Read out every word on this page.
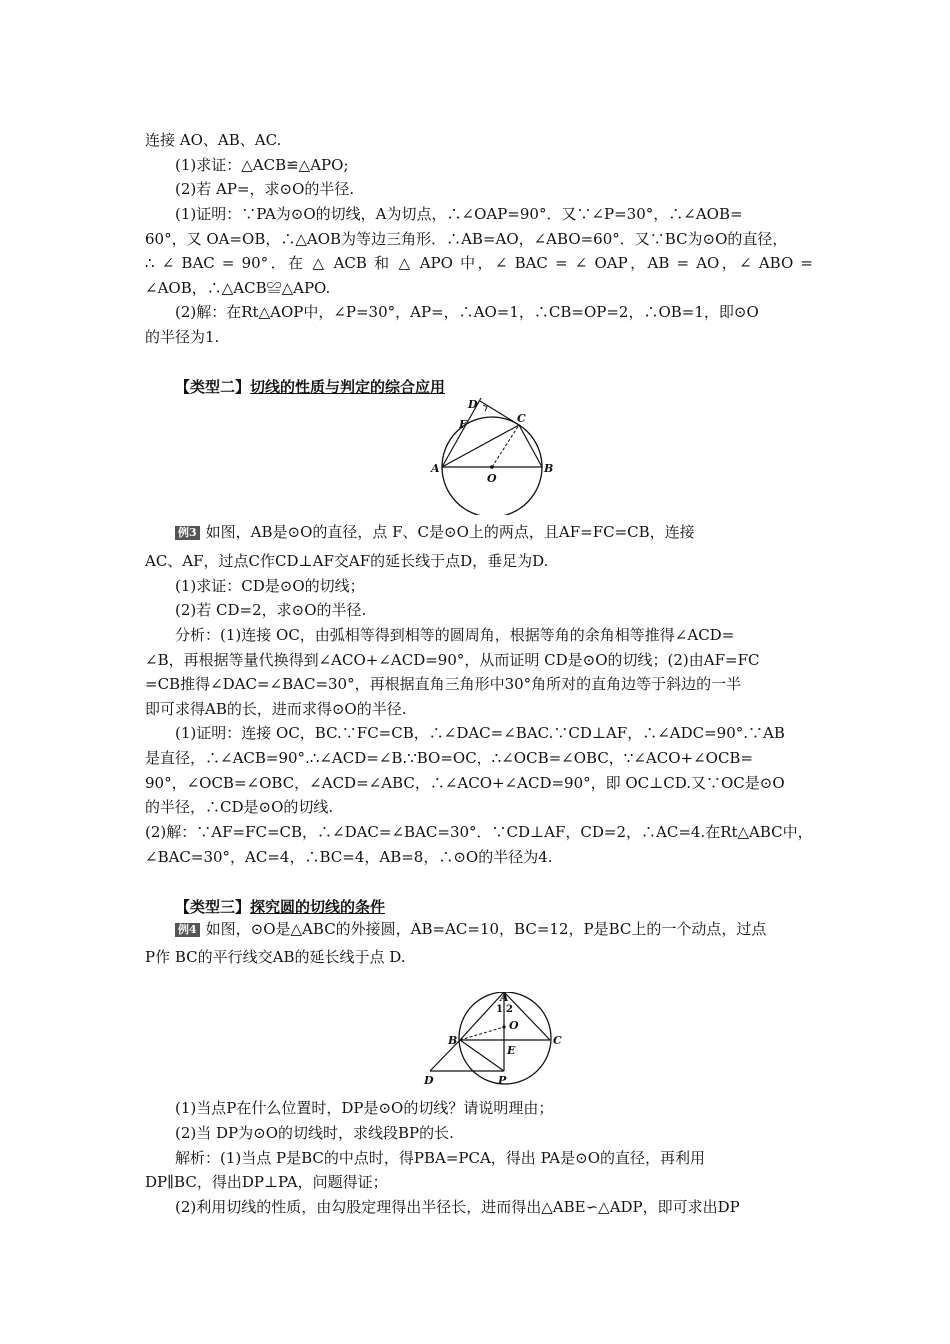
连接 AO、AB、AC.
(1)求证：△ACB≌△APO;
(2)若 AP=，求⊙O的半径.
(1)证明：∵PA为⊙O的切线，A为切点，∴∠OAP=90°．又∵∠P=30°，∴∠AOB=
60°，又 OA=OB，∴△AOB为等边三角形．∴AB=AO，∠ABO=60°．又∵BC为⊙O的直径，
∴ ∠ BAC = 90°．在 △ ACB 和 △ APO 中，∠ BAC = ∠ OAP，AB = AO，∠ ABO =
∠AOB，∴△ACB≌△APO.
(2)解：在Rt△AOP中，∠P=30°，AP=，∴AO=1，∴CB=OP=2，∴OB=1，即⊙O
的半径为1.
【类型二】切线的性质与判定的综合应用
D
F	C
A
O
B
例3 如图，AB是⊙O的直径，点 F、C是⊙O上的两点，且AF=FC=CB，连接
AC、AF，过点C作CD⊥AF交AF的延长线于点D，垂足为D.
(1)求证：CD是⊙O的切线；
(2)若 CD=2，求⊙O的半径.
分析：(1)连接 OC，由弧相等得到相等的圆周角，根据等角的余角相等推得∠ACD=
∠B，再根据等量代换得到∠ACO+∠ACD=90°，从而证明 CD是⊙O的切线；(2)由AF=FC
=CB推得∠DAC=∠BAC=30°，再根据直角三角形中30°角所对的直角边等于斜边的一半
即可求得AB的长，进而求得⊙O的半径.
(1)证明：连接 OC，BC.∵FC=CB，∴∠DAC=∠BAC.∵CD⊥AF，∴∠ADC=90°.∵AB
是直径，∴∠ACB=90°.∴∠ACD=∠B.∵BO=OC，∴∠OCB=∠OBC，∵∠ACO+∠OCB=
90°，∠OCB=∠OBC，∠ACD=∠ABC，∴∠ACO+∠ACD=90°，即 OC⊥CD.又∵OC是⊙O
的半径，∴CD是⊙O的切线.
(2)解：∵AF=FC=CB，∴∠DAC=∠BAC=30°．∵CD⊥AF，CD=2，∴AC=4.在Rt△ABC中，
∠BAC=30°，AC=4，∴BC=4，AB=8，∴⊙O的半径为4.
【类型三】探究圆的切线的条件
例4 如图，⊙O是△ABC的外接圆，AB=AC=10，BC=12，P是BC上的一个动点，过点
P作 BC的平行线交AB的延长线于点 D.
A
1 2
O
B	C
E
D	P
(1)当点P在什么位置时，DP是⊙O的切线？请说明理由；
(2)当 DP为⊙O的切线时，求线段BP的长.
解析：(1)当点 P是BC的中点时，得PBA=PCA，得出 PA是⊙O的直径，再利用
DP∥BC，得出DP⊥PA，问题得证；
(2)利用切线的性质，由勾股定理得出半径长，进而得出△ABE∽△ADP，即可求出DP
